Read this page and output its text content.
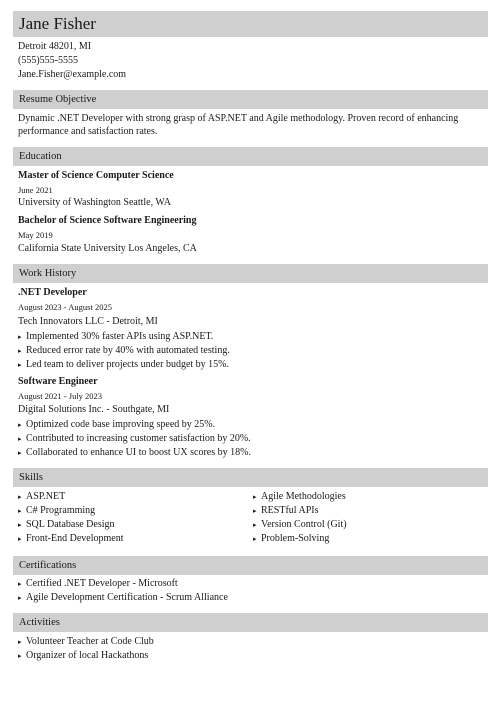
Jane Fisher
Detroit 48201, MI
(555)555-5555
Jane.Fisher@example.com
Resume Objective
Dynamic .NET Developer with strong grasp of ASP.NET and Agile methodology. Proven record of enhancing
performance and satisfaction rates.
Education
Master of Science Computer Science
June 2021
University of Washington Seattle, WA
Bachelor of Science Software Engineering
May 2019
California State University Los Angeles, CA
Work History
.NET Developer
August 2023 - August 2025
Tech Innovators LLC - Detroit, MI
▸ Implemented 30% faster APIs using ASP.NET.
▸ Reduced error rate by 40% with automated testing.
▸ Led team to deliver projects under budget by 15%.
Software Engineer
August 2021 - July 2023
Digital Solutions Inc. - Southgate, MI
▸ Optimized code base improving speed by 25%.
▸ Contributed to increasing customer satisfaction by 20%.
▸ Collaborated to enhance UI to boost UX scores by 18%.
Skills
▸ ASP.NET
▸ C# Programming
▸ SQL Database Design
▸ Front-End Development
▸ Agile Methodologies
▸ RESTful APIs
▸ Version Control (Git)
▸ Problem-Solving
Certifications
▸ Certified .NET Developer - Microsoft
▸ Agile Development Certification - Scrum Alliance
Activities
▸ Volunteer Teacher at Code Club
▸ Organizer of local Hackathons
